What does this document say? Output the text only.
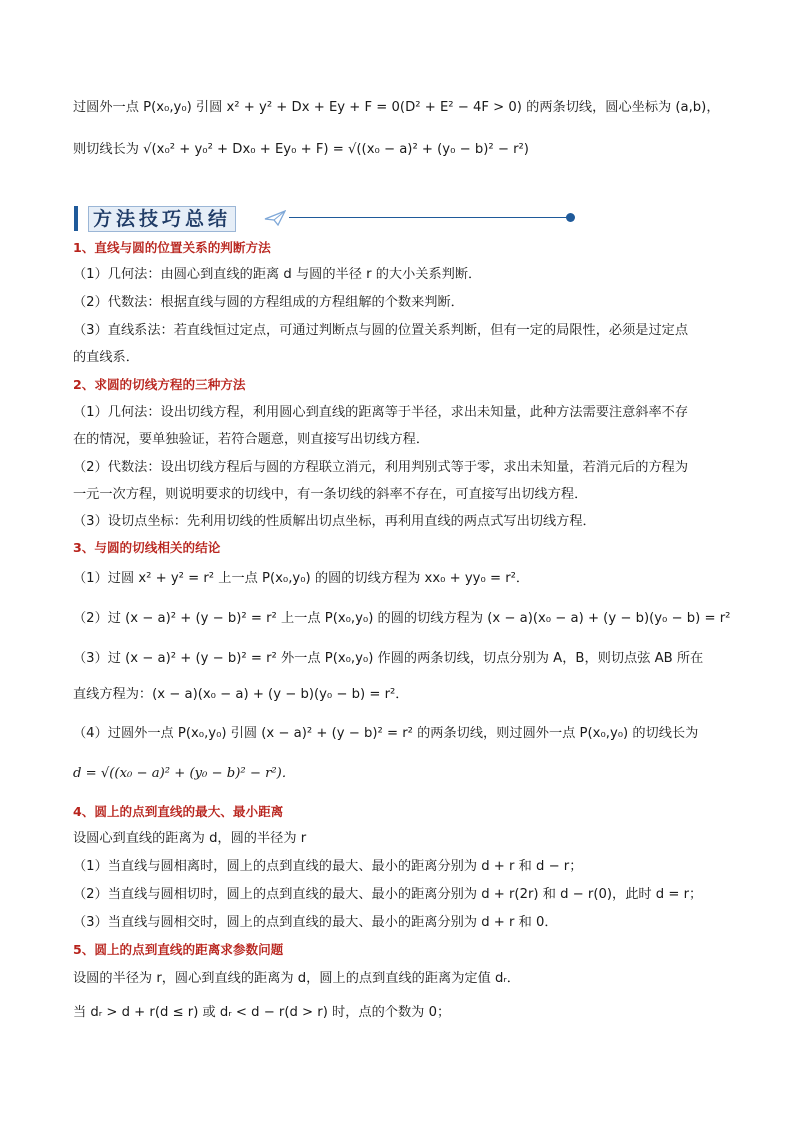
过圆外一点 P(x₀,y₀) 引圆 x² + y² + Dx + Ey + F = 0(D² + E² − 4F > 0) 的两条切线，圆心坐标为 (a,b)，
则切线长为 √(x₀² + y₀² + Dx₀ + Ey₀ + F) = √((x₀ − a)² + (y₀ − b)² − r²)
方法技巧总结
1、直线与圆的位置关系的判断方法
（1）几何法：由圆心到直线的距离 d 与圆的半径 r 的大小关系判断．
（2）代数法：根据直线与圆的方程组成的方程组解的个数来判断．
（3）直线系法：若直线恒过定点，可通过判断点与圆的位置关系判断，但有一定的局限性，必须是过定点
的直线系．
2、求圆的切线方程的三种方法
（1）几何法：设出切线方程，利用圆心到直线的距离等于半径，求出未知量，此种方法需要注意斜率不存
在的情况，要单独验证，若符合题意，则直接写出切线方程．
（2）代数法：设出切线方程后与圆的方程联立消元，利用判别式等于零，求出未知量，若消元后的方程为
一元一次方程，则说明要求的切线中，有一条切线的斜率不存在，可直接写出切线方程．
（3）设切点坐标：先利用切线的性质解出切点坐标，再利用直线的两点式写出切线方程．
3、与圆的切线相关的结论
（1）过圆 x² + y² = r² 上一点 P(x₀,y₀) 的圆的切线方程为 xx₀ + yy₀ = r²．
（2）过 (x − a)² + (y − b)² = r² 上一点 P(x₀,y₀) 的圆的切线方程为 (x − a)(x₀ − a) + (y − b)(y₀ − b) = r²
（3）过 (x − a)² + (y − b)² = r² 外一点 P(x₀,y₀) 作圆的两条切线，切点分别为 A，B，则切点弦 AB 所在
直线方程为：(x − a)(x₀ − a) + (y − b)(y₀ − b) = r²．
（4）过圆外一点 P(x₀,y₀) 引圆 (x − a)² + (y − b)² = r² 的两条切线，则过圆外一点 P(x₀,y₀) 的切线长为
d = √((x₀ − a)² + (y₀ − b)² − r²)．
4、圆上的点到直线的最大、最小距离
设圆心到直线的距离为 d，圆的半径为 r
（1）当直线与圆相离时，圆上的点到直线的最大、最小的距离分别为 d + r 和 d − r；
（2）当直线与圆相切时，圆上的点到直线的最大、最小的距离分别为 d + r(2r) 和 d − r(0)，此时 d = r；
（3）当直线与圆相交时，圆上的点到直线的最大、最小的距离分别为 d + r 和 0．
5、圆上的点到直线的距离求参数问题
设圆的半径为 r，圆心到直线的距离为 d，圆上的点到直线的距离为定值 dᵣ．
当 dᵣ > d + r(d ≤ r) 或 dᵣ < d − r(d > r) 时，点的个数为 0；
